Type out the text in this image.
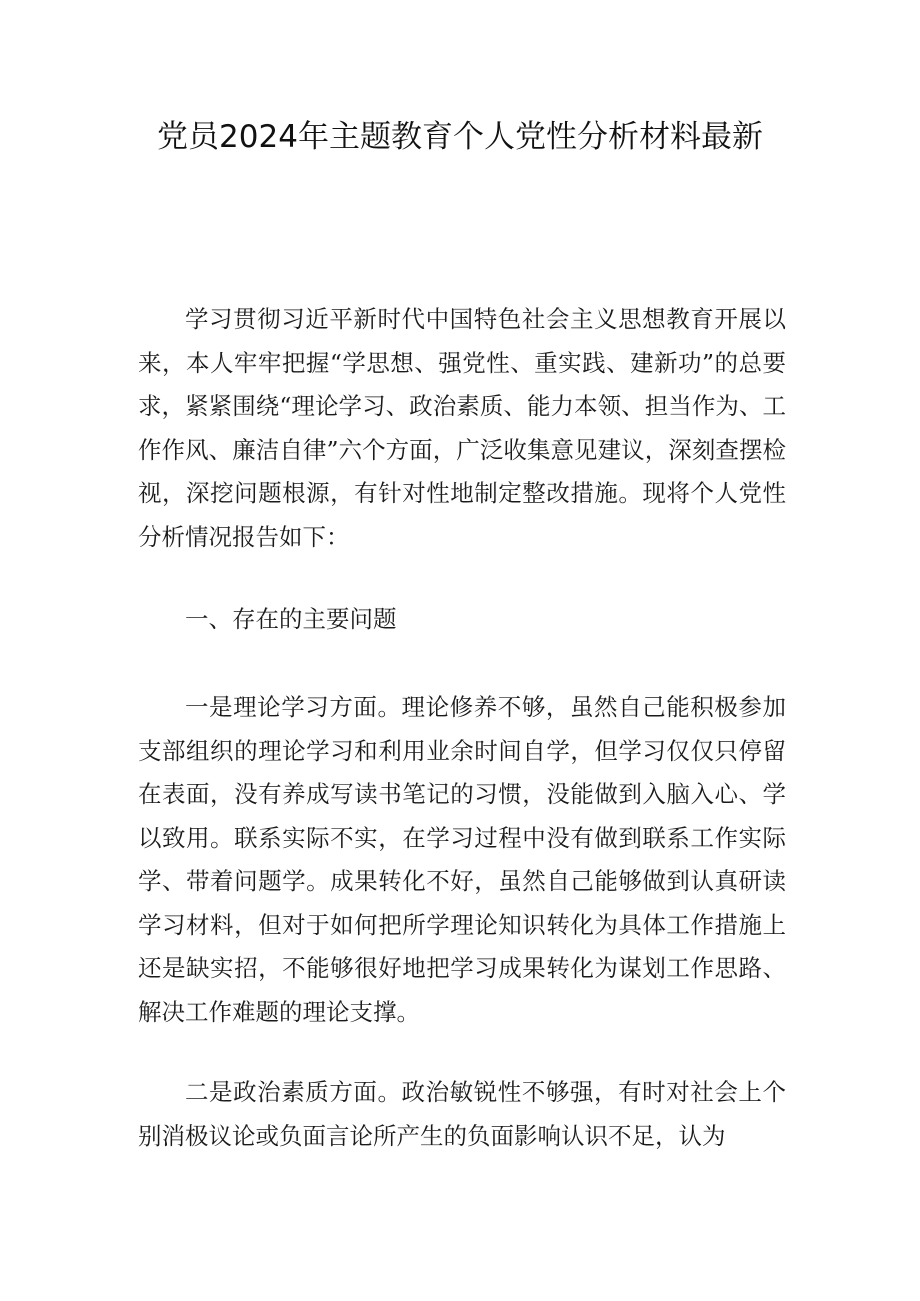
党员2024年主题教育个人党性分析材料最新

学习贯彻习近平新时代中国特色社会主义思想教育开展以来，本人牢牢把握“学思想、强党性、重实践、建新功”的总要求，紧紧围绕“理论学习、政治素质、能力本领、担当作为、工作作风、廉洁自律”六个方面，广泛收集意见建议，深刻查摆检视，深挖问题根源，有针对性地制定整改措施。现将个人党性分析情况报告如下：

一、存在的主要问题

一是理论学习方面。理论修养不够，虽然自己能积极参加支部组织的理论学习和利用业余时间自学，但学习仅仅只停留在表面，没有养成写读书笔记的习惯，没能做到入脑入心、学以致用。联系实际不实，在学习过程中没有做到联系工作实际学、带着问题学。成果转化不好，虽然自己能够做到认真研读学习材料，但对于如何把所学理论知识转化为具体工作措施上还是缺实招，不能够很好地把学习成果转化为谋划工作思路、解决工作难题的理论支撑。

二是政治素质方面。政治敏锐性不够强，有时对社会上个别消极议论或负面言论所产生的负面影响认识不足，认为
